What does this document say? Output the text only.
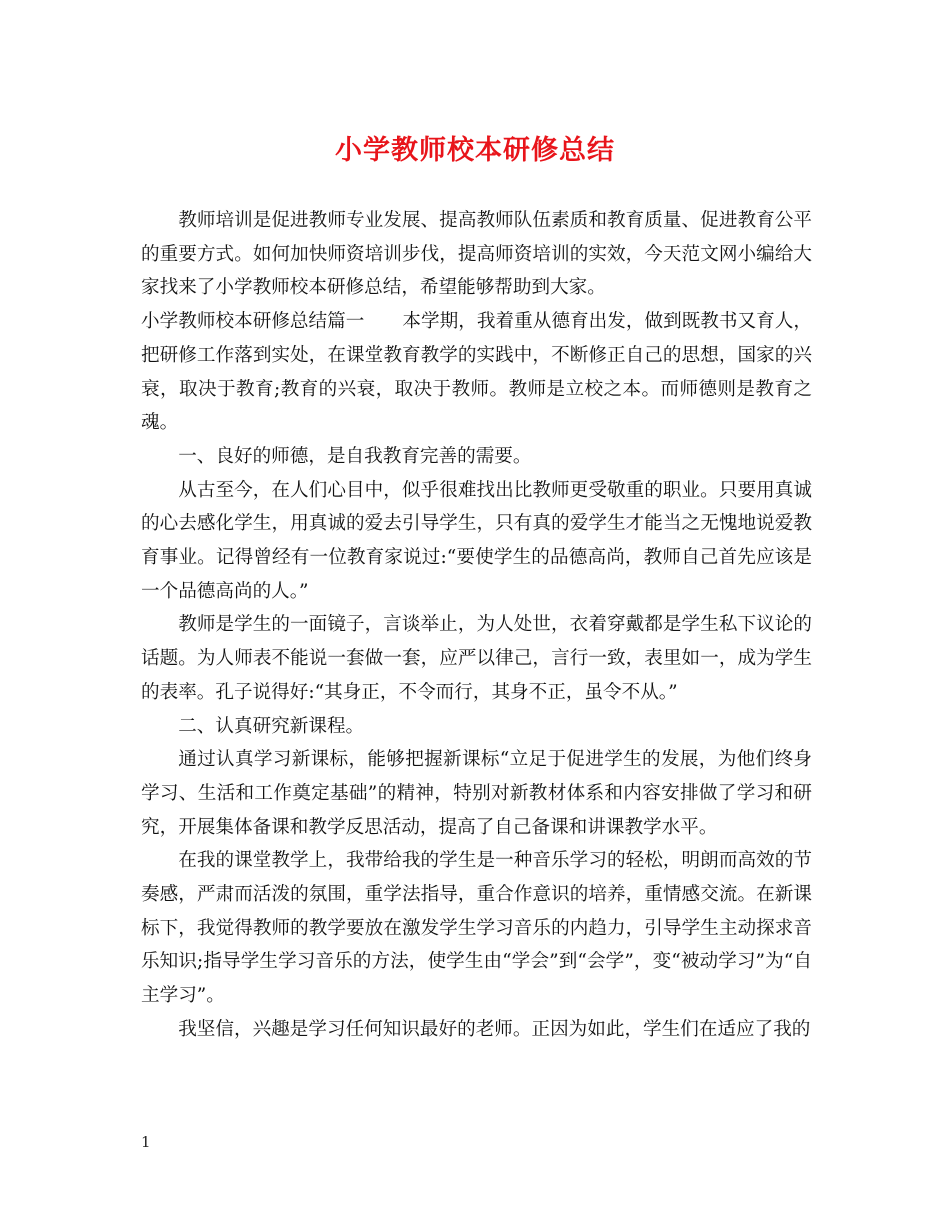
小学教师校本研修总结

教师培训是促进教师专业发展、提高教师队伍素质和教育质量、促进教育公平的重要方式。如何加快师资培训步伐，提高师资培训的实效，今天范文网小编给大家找来了小学教师校本研修总结，希望能够帮助到大家。

小学教师校本研修总结篇一 本学期，我着重从德育出发，做到既教书又育人，把研修工作落到实处，在课堂教育教学的实践中，不断修正自己的思想，国家的兴衰，取决于教育;教育的兴衰，取决于教师。教师是立校之本。而师德则是教育之魂。

一、良好的师德，是自我教育完善的需要。

从古至今，在人们心目中，似乎很难找出比教师更受敬重的职业。只要用真诚的心去感化学生，用真诚的爱去引导学生，只有真的爱学生才能当之无愧地说爱教育事业。记得曾经有一位教育家说过:“要使学生的品德高尚，教师自己首先应该是一个品德高尚的人。”

教师是学生的一面镜子，言谈举止，为人处世，衣着穿戴都是学生私下议论的话题。为人师表不能说一套做一套，应严以律己，言行一致，表里如一，成为学生的表率。孔子说得好:“其身正，不令而行，其身不正，虽令不从。”

二、认真研究新课程。

通过认真学习新课标，能够把握新课标“立足于促进学生的发展，为他们终身学习、生活和工作奠定基础”的精神，特别对新教材体系和内容安排做了学习和研究，开展集体备课和教学反思活动，提高了自己备课和讲课教学水平。

在我的课堂教学上，我带给我的学生是一种音乐学习的轻松，明朗而高效的节奏感，严肃而活泼的氛围，重学法指导，重合作意识的培养，重情感交流。在新课标下，我觉得教师的教学要放在激发学生学习音乐的内趋力，引导学生主动探求音乐知识;指导学生学习音乐的方法，使学生由“学会”到“会学”，变“被动学习”为“自主学习”。

我坚信，兴趣是学习任何知识最好的老师。正因为如此，学生们在适应了我的

1
